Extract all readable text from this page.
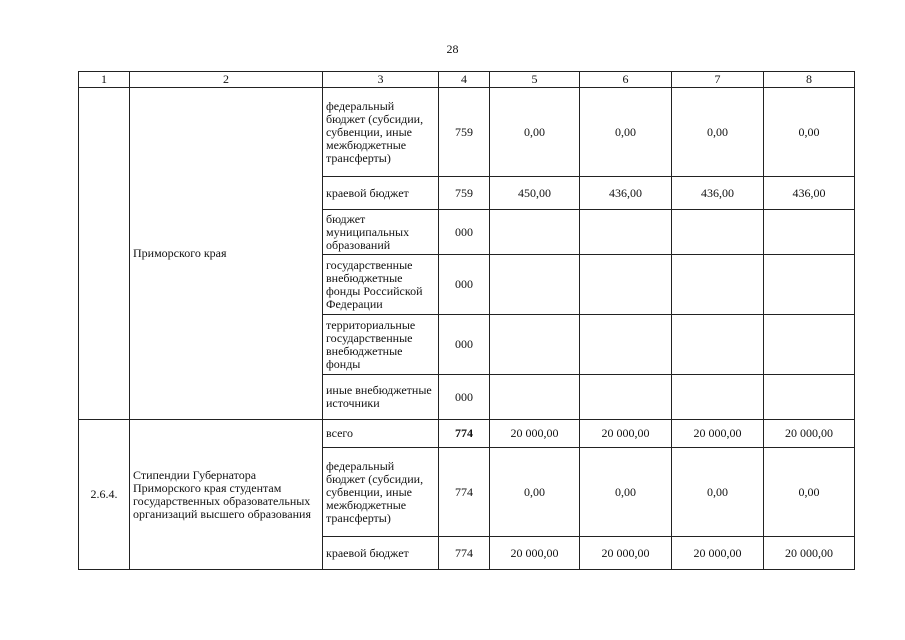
28
1	2	3	4	5	6	7	8
	Приморского края	федеральный бюджет (субсидии, субвенции, иные межбюджетные трансферты)	759	0,00	0,00	0,00	0,00
		краевой бюджет	759	450,00	436,00	436,00	436,00
		бюджет муниципальных образований	000				
		государственные внебюджетные фонды Российской Федерации	000				
		территориальные государственные внебюджетные фонды	000				
		иные внебюджетные источники	000				
2.6.4.	Стипендии Губернатора Приморского края студентам государственных образовательных организаций высшего образования	всего	774	20 000,00	20 000,00	20 000,00	20 000,00
		федеральный бюджет (субсидии, субвенции, иные межбюджетные трансферты)	774	0,00	0,00	0,00	0,00
		краевой бюджет	774	20 000,00	20 000,00	20 000,00	20 000,00
